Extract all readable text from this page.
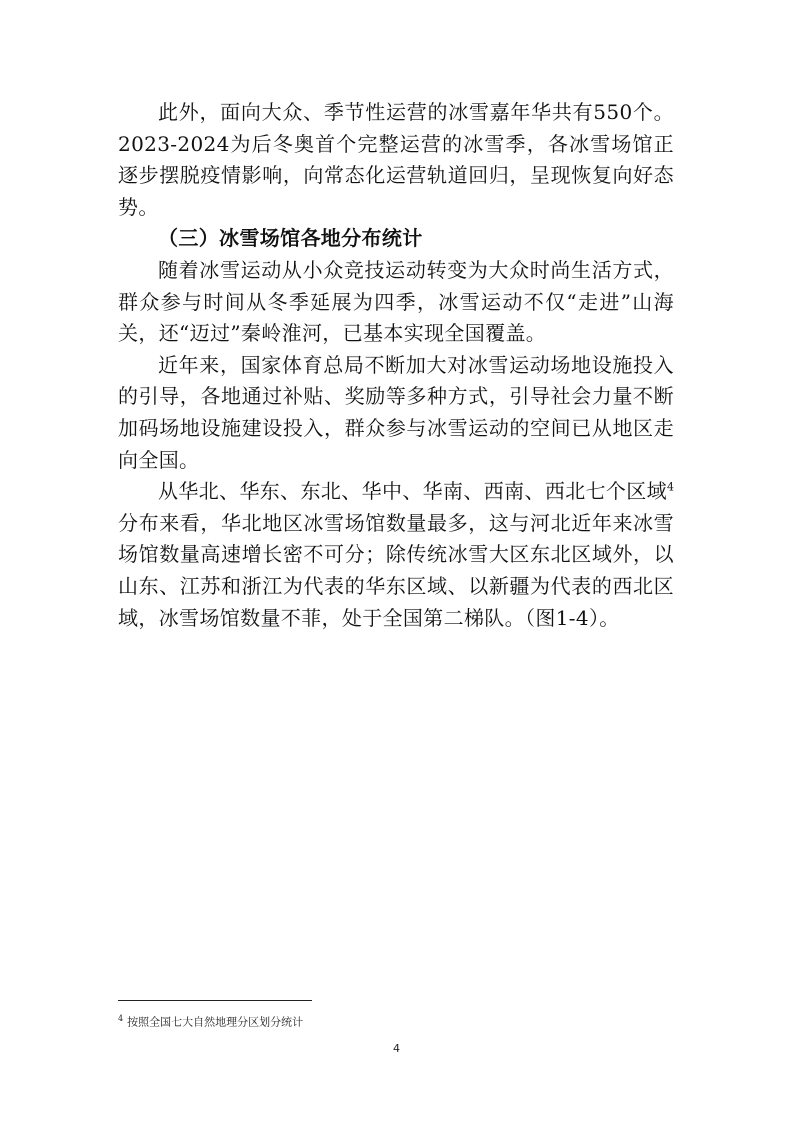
此外，面向大众、季节性运营的冰雪嘉年华共有550个。2023-2024为后冬奥首个完整运营的冰雪季，各冰雪场馆正逐步摆脱疫情影响，向常态化运营轨道回归，呈现恢复向好态势。

（三）冰雪场馆各地分布统计

随着冰雪运动从小众竞技运动转变为大众时尚生活方式，群众参与时间从冬季延展为四季，冰雪运动不仅“走进”山海关，还“迈过”秦岭淮河，已基本实现全国覆盖。

近年来，国家体育总局不断加大对冰雪运动场地设施投入的引导，各地通过补贴、奖励等多种方式，引导社会力量不断加码场地设施建设投入，群众参与冰雪运动的空间已从地区走向全国。

从华北、华东、东北、华中、华南、西南、西北七个区域$^4$分布来看，华北地区冰雪场馆数量最多，这与河北近年来冰雪场馆数量高速增长密不可分；除传统冰雪大区东北区域外，以山东、江苏和浙江为代表的华东区域、以新疆为代表的西北区域，冰雪场馆数量不菲，处于全国第二梯队。（图1-4）。

$^4$ 按照全国七大自然地理分区划分统计
4
